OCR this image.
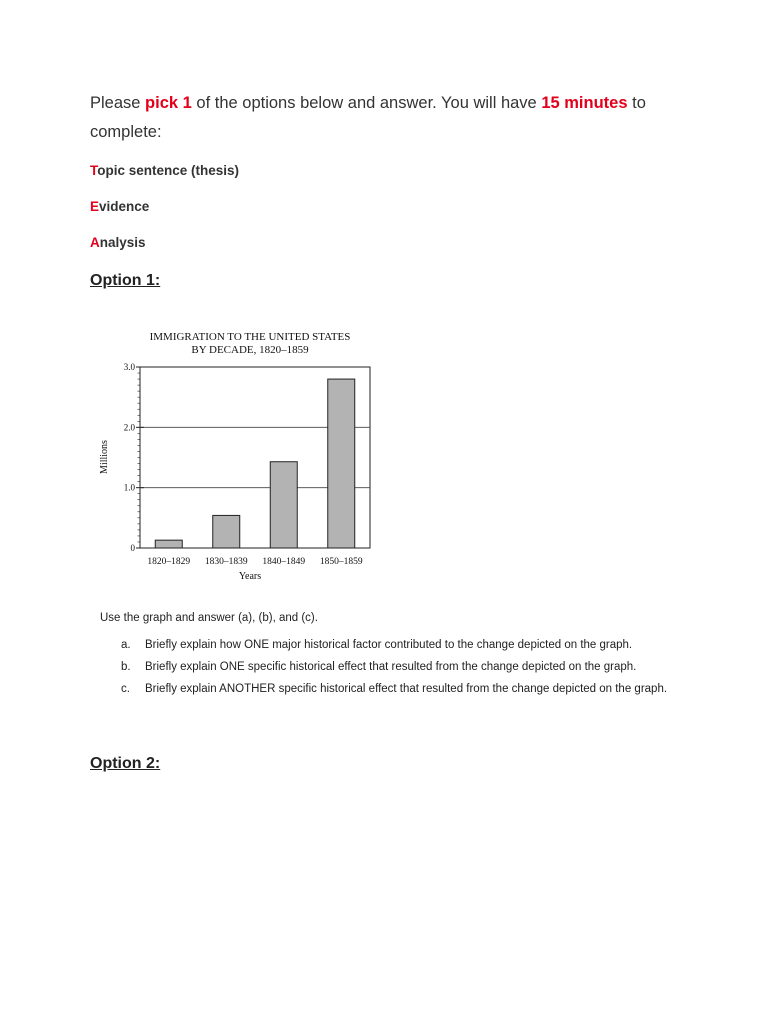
Please pick 1 of the options below and answer. You will have 15 minutes to complete:
Topic sentence (thesis)
Evidence
Analysis
Option 1:
IMMIGRATION TO THE UNITED STATES
BY DECADE, 1820–1859
0
1.0
2.0
3.0
1820–1829 1830–1839 1840–1849 1850–1859
Years
Millions
Use the graph and answer (a), (b), and (c).
a.	Briefly explain how ONE major historical factor contributed to the change depicted on the graph.
b.	Briefly explain ONE specific historical effect that resulted from the change depicted on the graph.
c.	Briefly explain ANOTHER specific historical effect that resulted from the change depicted on the graph.
Option 2:
